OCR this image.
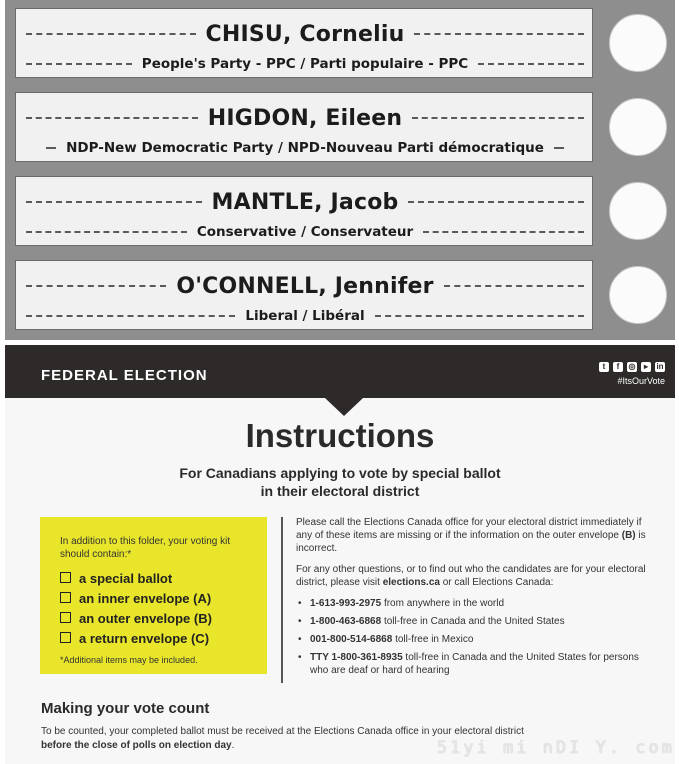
CHISU, Corneliu
People's Party - PPC / Parti populaire - PPC
HIGDON, Eileen
NDP-New Democratic Party / NPD-Nouveau Parti démocratique
MANTLE, Jacob
Conservative / Conservateur
O'CONNELL, Jennifer
Liberal / Libéral
FEDERAL ELECTION
t	f	◎	▸	in
#ItsOurVote
Instructions
For Canadians applying to vote by special ballot
in their electoral district
In addition to this folder, your voting kit should contain:*
a special ballot
an inner envelope (A)
an outer envelope (B)
a return envelope (C)
*Additional items may be included.

Please call the Elections Canada office for your electoral district immediately if any of these items are missing or if the information on the outer envelope (B) is incorrect.

For any other questions, or to find out who the candidates are for your electoral district, please visit elections.ca or call Elections Canada:

• 1-613-993-2975 from anywhere in the world
• 1-800-463-6868 toll-free in Canada and the United States
• 001-800-514-6868 toll-free in Mexico
• TTY 1-800-361-8935 toll-free in Canada and the United States for persons who are deaf or hard of hearing
Making your vote count
To be counted, your completed ballot must be received at the Elections Canada office in your electoral district
before the close of polls on election day.	51yi mi nDI Y. com
